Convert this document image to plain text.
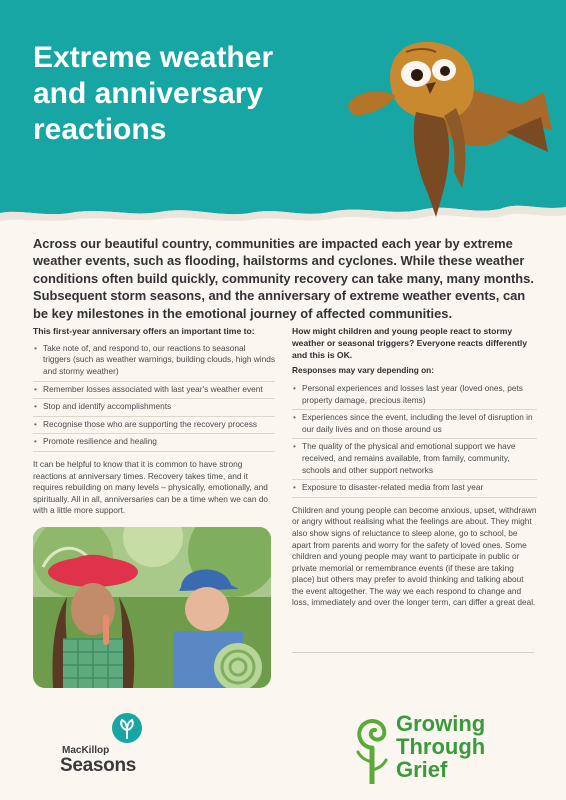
Extreme weather and anniversary reactions

Across our beautiful country, communities are impacted each year by extreme weather events, such as flooding, hailstorms and cyclones. While these weather conditions often build quickly, community recovery can take many, many months. Subsequent storm seasons, and the anniversary of extreme weather events, can be key milestones in the emotional journey of affected communities.

This first-year anniversary offers an important time to:
• Take note of, and respond to, our reactions to seasonal triggers (such as weather warnings, building clouds, high winds and stormy weather)
• Remember losses associated with last year's weather event
• Stop and identify accomplishments
• Recognise those who are supporting the recovery process
• Promote resilience and healing

It can be helpful to know that it is common to have strong reactions at anniversary times. Recovery takes time, and it requires rebuilding on many levels – physically, emotionally, and spiritually. All in all, anniversaries can be a time when we can do with a little more support.

How might children and young people react to stormy weather or seasonal triggers? Everyone reacts differently and this is OK.
Responses may vary depending on:
• Personal experiences and losses last year (loved ones, pets property damage, precious items)
• Experiences since the event, including the level of disruption in our daily lives and on those around us
• The quality of the physical and emotional support we have received, and remains available, from family, community, schools and other support networks
• Exposure to disaster-related media from last year

Children and young people can become anxious, upset, withdrawn or angry without realising what the feelings are about. They might also show signs of reluctance to sleep alone, go to school, be apart from parents and worry for the safety of loved ones. Some children and young people may want to participate in public or private memorial or remembrance events (if these are taking place) but others may prefer to avoid thinking and talking about the event altogether. The way we each respond to change and loss, immediately and over the longer term, can differ a great deal.

MacKillop
Seasons

Growing
Through
Grief
